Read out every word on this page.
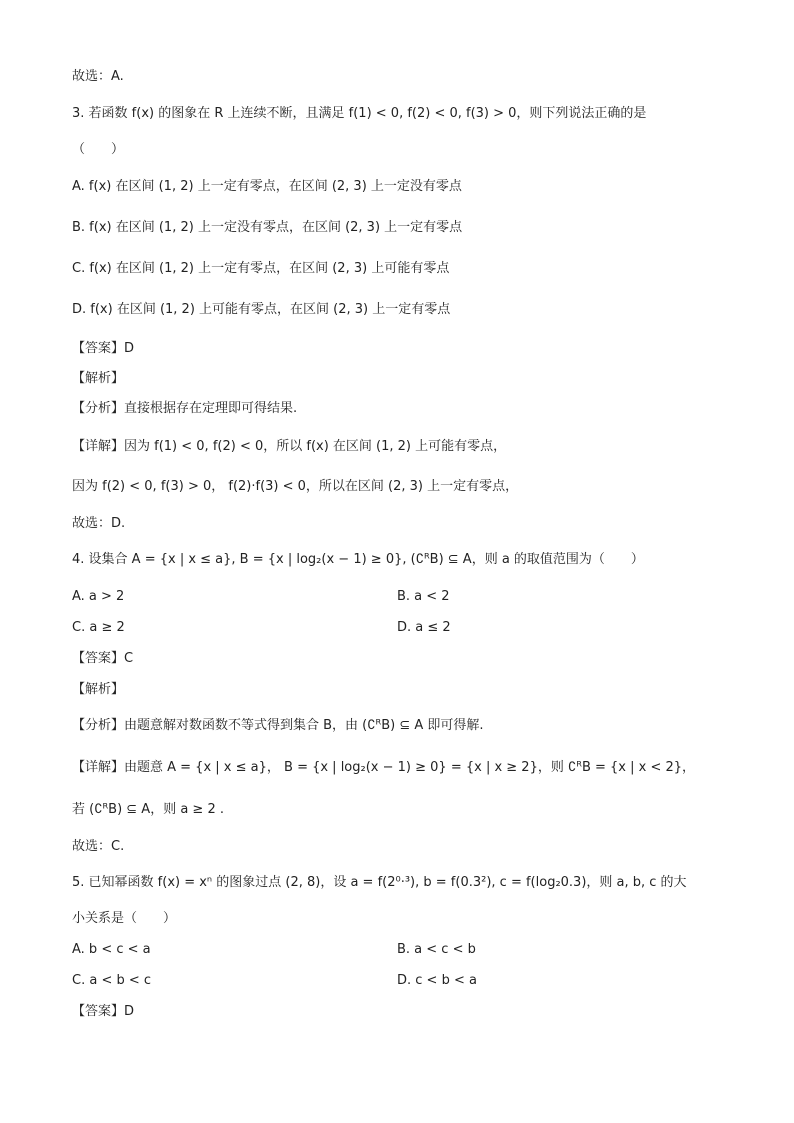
故选：A.
3. 若函数 f(x) 的图象在 R 上连续不断，且满足 f(1) < 0, f(2) < 0, f(3) > 0，则下列说法正确的是
（　　）
A. f(x) 在区间 (1, 2) 上一定有零点，在区间 (2, 3) 上一定没有零点
B. f(x) 在区间 (1, 2) 上一定没有零点，在区间 (2, 3) 上一定有零点
C. f(x) 在区间 (1, 2) 上一定有零点，在区间 (2, 3) 上可能有零点
D. f(x) 在区间 (1, 2) 上可能有零点，在区间 (2, 3) 上一定有零点
【答案】D
【解析】
【分析】直接根据存在定理即可得结果.
【详解】因为 f(1) < 0, f(2) < 0，所以 f(x) 在区间 (1, 2) 上可能有零点，
因为 f(2) < 0, f(3) > 0， f(2)·f(3) < 0，所以在区间 (2, 3) 上一定有零点，
故选：D.
4. 设集合 A = {x | x ≤ a}, B = {x | log₂(x − 1) ≥ 0}, (∁ᴿB) ⊆ A，则 a 的取值范围为（　　）
A. a > 2	B. a < 2
C. a ≥ 2	D. a ≤ 2
【答案】C
【解析】
【分析】由题意解对数函数不等式得到集合 B，由 (∁ᴿB) ⊆ A 即可得解.
【详解】由题意 A = {x | x ≤ a}， B = {x | log₂(x − 1) ≥ 0} = {x | x ≥ 2}，则 ∁ᴿB = {x | x < 2}，
若 (∁ᴿB) ⊆ A，则 a ≥ 2 .
故选：C.
5. 已知幂函数 f(x) = xⁿ 的图象过点 (2, 8)，设 a = f(2⁰·³), b = f(0.3²), c = f(log₂0.3)，则 a, b, c 的大
小关系是（　　）
A. b < c < a	B. a < c < b
C. a < b < c	D. c < b < a
【答案】D
